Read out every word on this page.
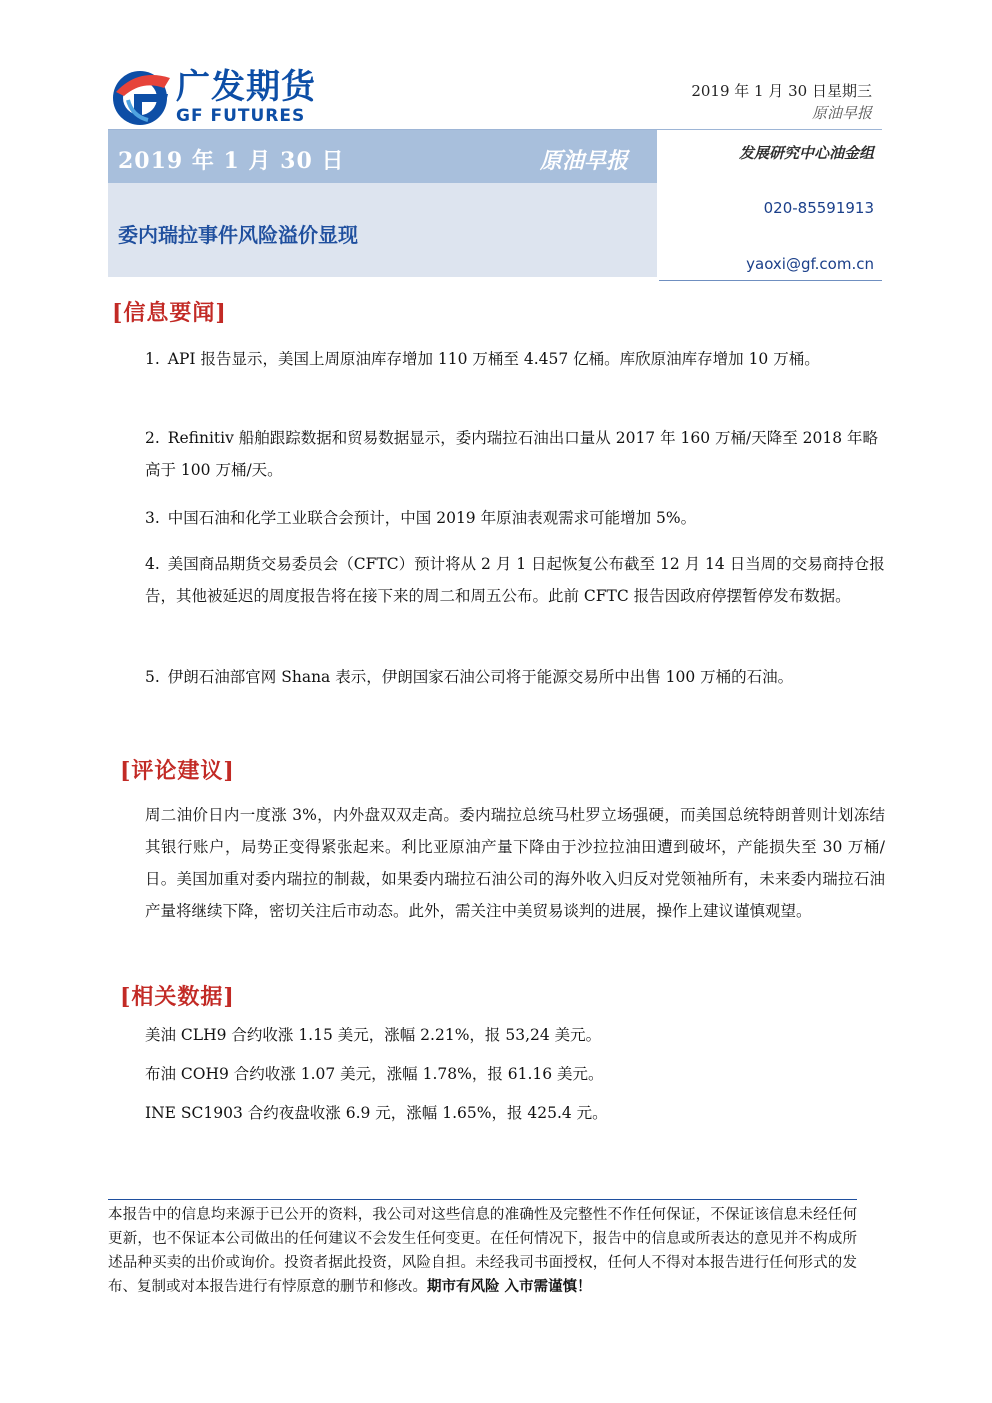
广发期货
GF FUTURES
2019 年 1 月 30 日星期三
原油早报
2019 年 1 月 30 日	原油早报
委内瑞拉事件风险溢价显现
发展研究中心油金组
020-85591913
yaoxi@gf.com.cn
[信息要闻]
1. API 报告显示，美国上周原油库存增加 110 万桶至 4.457 亿桶。库欣原油库存增加 10 万桶。
2. Refinitiv 船舶跟踪数据和贸易数据显示，委内瑞拉石油出口量从 2017 年 160 万桶/天降至 2018 年略高于 100 万桶/天。
3. 中国石油和化学工业联合会预计，中国 2019 年原油表观需求可能增加 5%。
4. 美国商品期货交易委员会（CFTC）预计将从 2 月 1 日起恢复公布截至 12 月 14 日当周的交易商持仓报告，其他被延迟的周度报告将在接下来的周二和周五公布。此前 CFTC 报告因政府停摆暂停发布数据。
5. 伊朗石油部官网 Shana 表示，伊朗国家石油公司将于能源交易所中出售 100 万桶的石油。
[评论建议]
周二油价日内一度涨 3%，内外盘双双走高。委内瑞拉总统马杜罗立场强硬，而美国总统特朗普则计划冻结其银行账户，局势正变得紧张起来。利比亚原油产量下降由于沙拉拉油田遭到破坏，产能损失至 30 万桶/日。美国加重对委内瑞拉的制裁，如果委内瑞拉石油公司的海外收入归反对党领袖所有，未来委内瑞拉石油产量将继续下降，密切关注后市动态。此外，需关注中美贸易谈判的进展，操作上建议谨慎观望。
[相关数据]
美油 CLH9 合约收涨 1.15 美元，涨幅 2.21%，报 53,24 美元。
布油 COH9 合约收涨 1.07 美元，涨幅 1.78%，报 61.16 美元。
INE SC1903 合约夜盘收涨 6.9 元，涨幅 1.65%，报 425.4 元。
本报告中的信息均来源于已公开的资料，我公司对这些信息的准确性及完整性不作任何保证，不保证该信息未经任何更新，也不保证本公司做出的任何建议不会发生任何变更。在任何情况下，报告中的信息或所表达的意见并不构成所述品种买卖的出价或询价。投资者据此投资，风险自担。未经我司书面授权，任何人不得对本报告进行任何形式的发布、复制或对本报告进行有悖原意的删节和修改。期市有风险 入市需谨慎！
